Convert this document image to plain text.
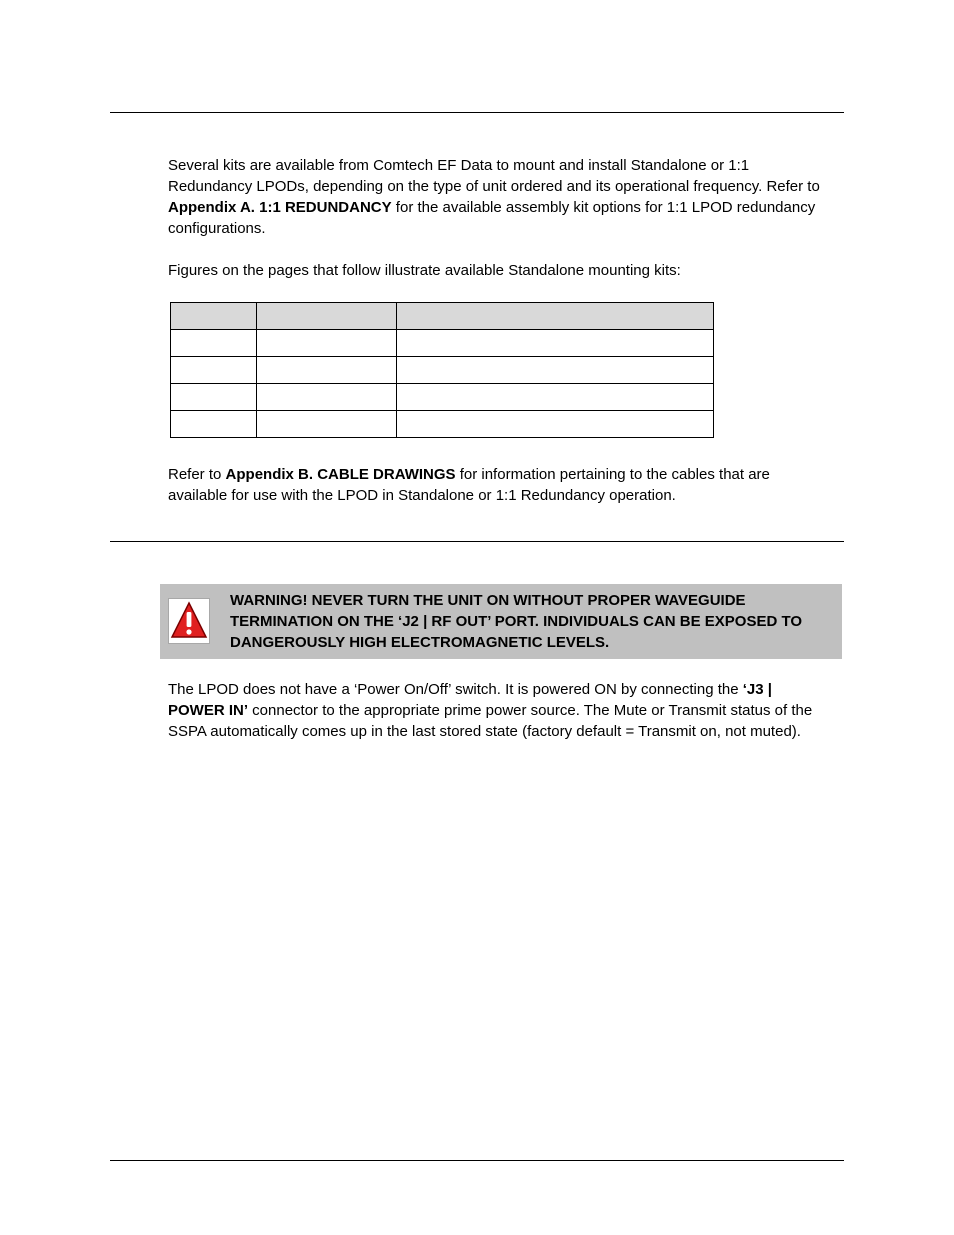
Several kits are available from Comtech EF Data to mount and install Standalone or 1:1 Redundancy LPODs, depending on the type of unit ordered and its operational frequency. Refer to Appendix A. 1:1 REDUNDANCY for the available assembly kit options for 1:1 LPOD redundancy configurations.

Figures on the pages that follow illustrate available Standalone mounting kits:

Refer to Appendix B. CABLE DRAWINGS for information pertaining to the cables that are available for use with the LPOD in Standalone or 1:1 Redundancy operation.

WARNING! NEVER TURN THE UNIT ON WITHOUT PROPER WAVEGUIDE TERMINATION ON THE ‘J2 | RF OUT’ PORT. INDIVIDUALS CAN BE EXPOSED TO DANGEROUSLY HIGH ELECTROMAGNETIC LEVELS.

The LPOD does not have a ‘Power On/Off’ switch. It is powered ON by connecting the ‘J3 | POWER IN’ connector to the appropriate prime power source. The Mute or Transmit status of the SSPA automatically comes up in the last stored state (factory default = Transmit on, not muted).
